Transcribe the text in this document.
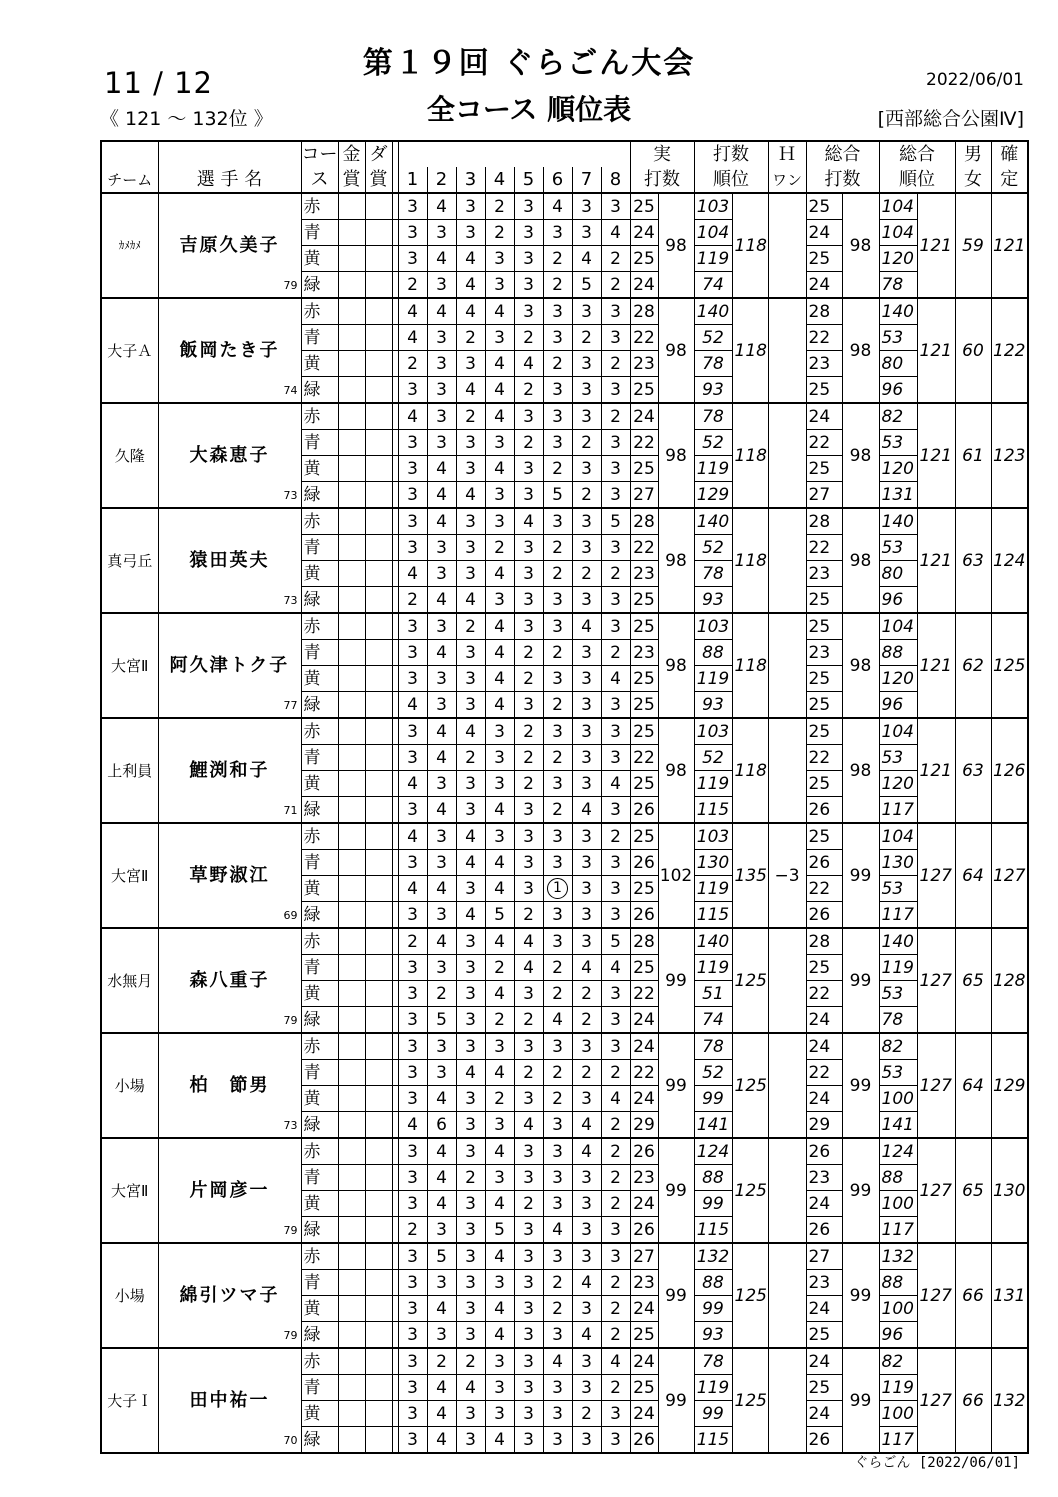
第１９回 ぐらごん大会
11 / 12
《 121 ～ 132位 》	全コース 順位表
2022/06/01
[西部総合公園Ⅳ]
		コー	金	ダ										実		打数		Ｈ	総合		総合		男	確
チーム	選 手 名	ス	賞	賞		1	2	3	4	5	6	7	8	打数		順位		ワン	打数		順位		女	定
ｶﾒｶﾒ	吉原久美子
79	赤				3	4	3	2	3	4	3	3	25	98	103	118		25	98	104	121	59	121
		青				3	3	3	2	3	3	3	4	24		104			24		104			
		黄				3	4	4	3	3	2	4	2	25		119			25		120			
		緑				2	3	4	3	3	2	5	2	24		74			24		78			
大子Ａ	飯岡たき子
74	赤				4	4	4	4	3	3	3	3	28	98	140	118		28	98	140	121	60	122
		青				4	3	2	3	2	3	2	3	22		52			22		53			
		黄				2	3	3	4	4	2	3	2	23		78			23		80			
		緑				3	3	4	4	2	3	3	3	25		93			25		96			
久隆	大森恵子
73	赤				4	3	2	4	3	3	3	2	24	98	78	118		24	98	82	121	61	123
		青				3	3	3	3	2	3	2	3	22		52			22		53			
		黄				3	4	3	4	3	2	3	3	25		119			25		120			
		緑				3	4	4	3	3	5	2	3	27		129			27		131			
真弓丘	猿田英夫
73	赤				3	4	3	3	4	3	3	5	28	98	140	118		28	98	140	121	63	124
		青				3	3	3	2	3	2	3	3	22		52			22		53			
		黄				4	3	3	4	3	2	2	2	23		78			23		80			
		緑				2	4	4	3	3	3	3	3	25		93			25		96			
大宮Ⅱ	阿久津トク子
77	赤				3	3	2	4	3	3	4	3	25	98	103	118		25	98	104	121	62	125
		青				3	4	3	4	2	2	3	2	23		88			23		88			
		黄				3	3	3	4	2	3	3	4	25		119			25		120			
		緑				4	3	3	4	3	2	3	3	25		93			25		96			
上利員	鯉渕和子
71	赤				3	4	4	3	2	3	3	3	25	98	103	118		25	98	104	121	63	126
		青				3	4	2	3	2	2	3	3	22		52			22		53			
		黄				4	3	3	3	2	3	3	4	25		119			25		120			
		緑				3	4	3	4	3	2	4	3	26		115			26		117			
大宮Ⅱ	草野淑江
69	赤				4	3	4	3	3	3	3	2	25	102	103	135	−3	25	99	104	127	64	127
		青				3	3	4	4	3	3	3	3	26		130			26		130			
		黄				4	4	3	4	3	1	3	3	25		119			22		53			
		緑				3	3	4	5	2	3	3	3	26		115			26		117			
水無月	森八重子
79	赤				2	4	3	4	4	3	3	5	28	99	140	125		28	99	140	127	65	128
		青				3	3	3	2	4	2	4	4	25		119			25		119			
		黄				3	2	3	4	3	2	2	3	22		51			22		53			
		緑				3	5	3	2	2	4	2	3	24		74			24		78			
小場	柏　節男
73	赤				3	3	3	3	3	3	3	3	24	99	78	125		24	99	82	127	64	129
		青				3	3	4	4	2	2	2	2	22		52			22		53			
		黄				3	4	3	2	3	2	3	4	24		99			24		100			
		緑				4	6	3	3	4	3	4	2	29		141			29		141			
大宮Ⅱ	片岡彦一
79	赤				3	4	3	4	3	3	4	2	26	99	124	125		26	99	124	127	65	130
		青				3	4	2	3	3	3	3	2	23		88			23		88			
		黄				3	4	3	4	2	3	3	2	24		99			24		100			
		緑				2	3	3	5	3	4	3	3	26		115			26		117			
小場	綿引ツマ子
79	赤				3	5	3	4	3	3	3	3	27	99	132	125		27	99	132	127	66	131
		青				3	3	3	3	3	2	4	2	23		88			23		88			
		黄				3	4	3	4	3	2	3	2	24		99			24		100			
		緑				3	3	3	4	3	3	4	2	25		93			25		96			
大子Ｉ	田中祐一
70	赤				3	2	2	3	3	4	3	4	24	99	78	125		24	99	82	127	66	132
		青				3	4	4	3	3	3	3	2	25		119			25		119			
		黄				3	4	3	3	3	3	2	3	24		99			24		100			
		緑				3	4	3	4	3	3	3	3	26		115			26		117			
ぐらごん [2022/06/01]
